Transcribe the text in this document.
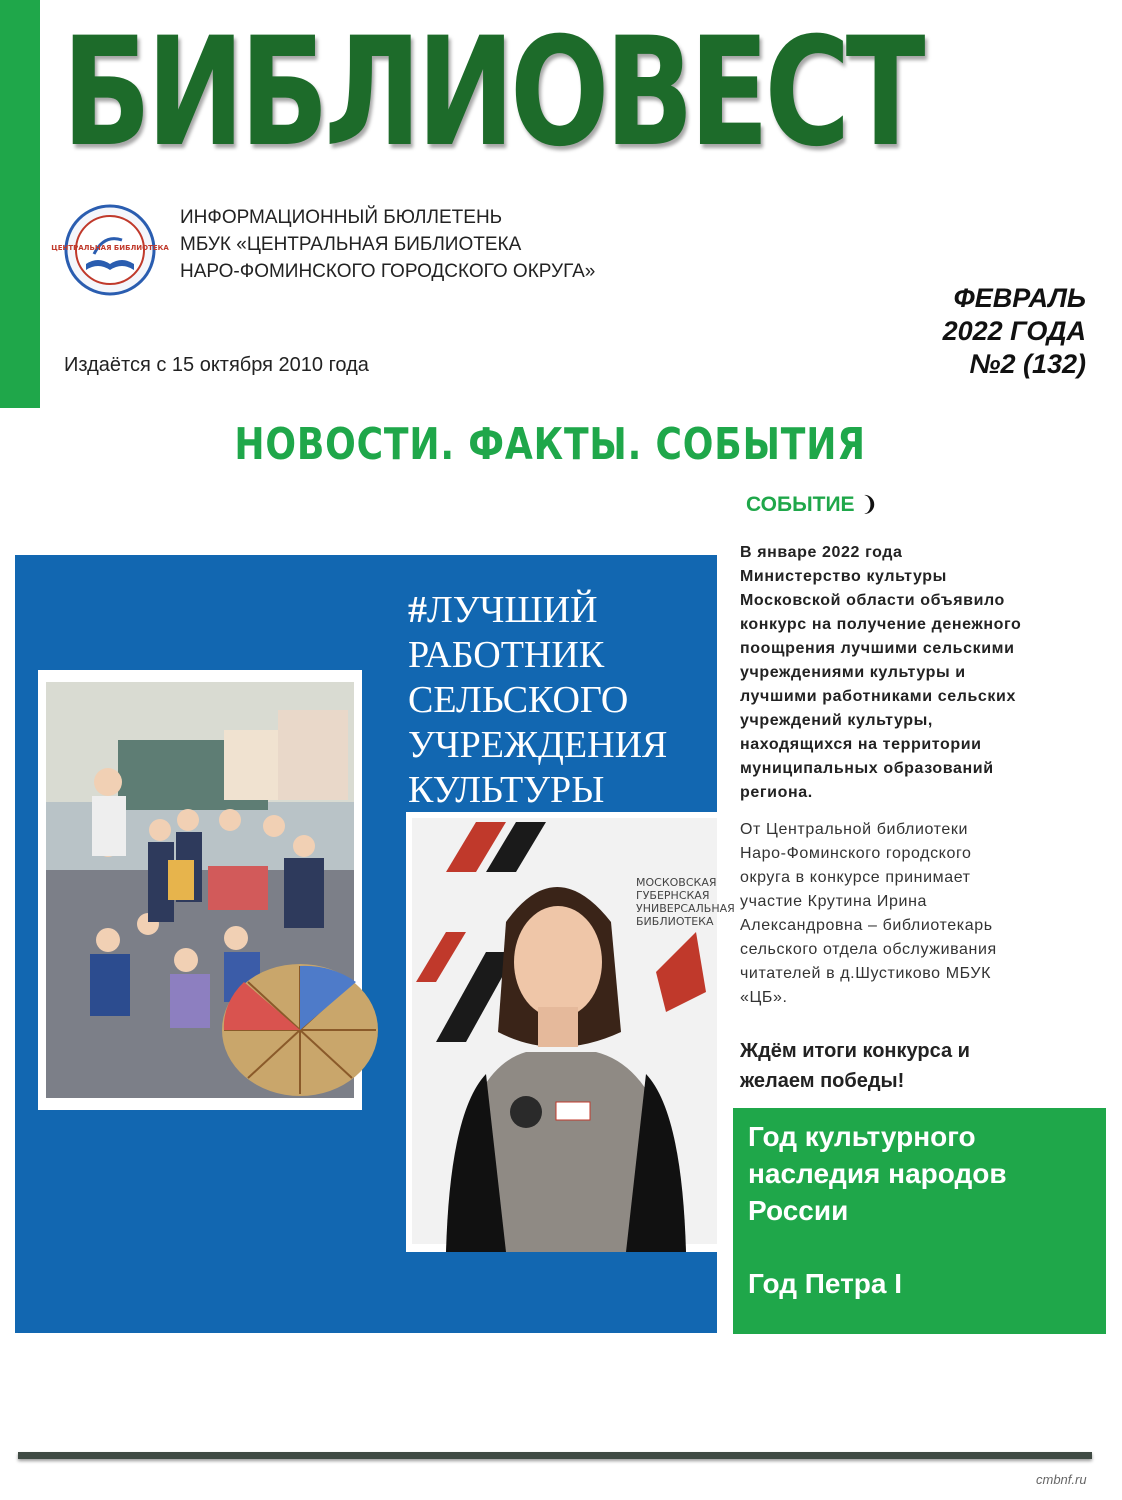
БИБЛИОВЕСТ
ЦЕНТРАЛЬНАЯ БИБЛИОТЕКА
ИНФОРМАЦИОННЫЙ БЮЛЛЕТЕНЬ
МБУК «ЦЕНТРАЛЬНАЯ БИБЛИОТЕКА
НАРО-ФОМИНСКОГО ГОРОДСКОГО ОКРУГА»
Издаётся с 15 октября 2010 года
ФЕВРАЛЬ
2022 ГОДА
№2 (132)
НОВОСТИ. ФАКТЫ. СОБЫТИЯ
СОБЫТИЕ ❩
#ЛУЧШИЙ
РАБОТНИК
СЕЛЬСКОГО
УЧРЕЖДЕНИЯ
КУЛЬТУРЫ
МОСКОВСКАЯ
ГУБЕРНСКАЯ
УНИВЕРСАЛЬНАЯ
БИБЛИОТЕКА
В январе 2022 года
Министерство культуры
Московской области объявило
конкурс на получение денежного
поощрения лучшими сельскими
учреждениями культуры и
лучшими работниками сельских
учреждений культуры,
находящихся на территории
муниципальных образований
региона.
От Центральной библиотеки
Наро-Фоминского городского
округа в конкурсе принимает
участие Крутина Ирина
Александровна – библиотекарь
сельского отдела обслуживания
читателей в д.Шустиково МБУК
«ЦБ».
Ждём итоги конкурса и
желаем победы!
Год культурного
наследия народов
России
Год Петра I
cmbnf.ru
